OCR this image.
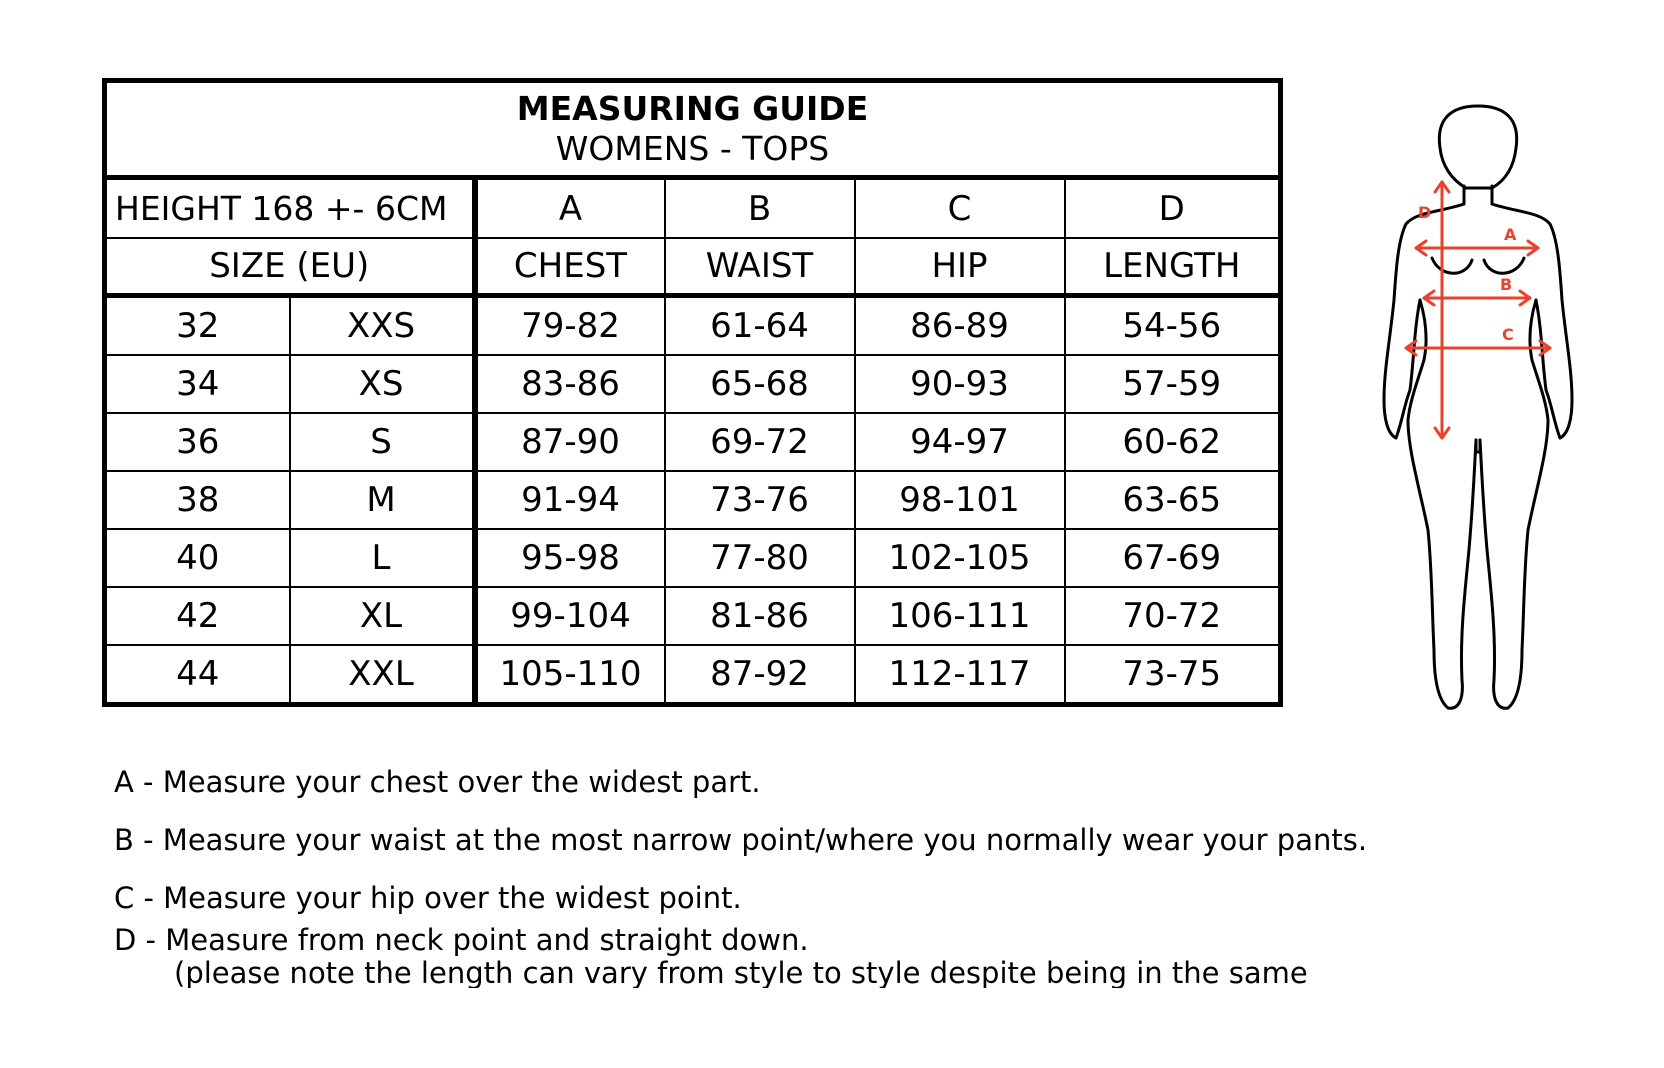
MEASURING GUIDE
WOMENS - TOPS					

HEIGHT 168 +- 6CM		A	B	C	D
SIZE (EU)		CHEST	WAIST	HIP	LENGTH
32	XXS	79-82	61-64	86-89	54-56
34	XS	83-86	65-68	90-93	57-59
36	S	87-90	69-72	94-97	60-62
38	M	91-94	73-76	98-101	63-65
40	L	95-98	77-80	102-105	67-69
42	XL	99-104	81-86	106-111	70-72
44	XXL	105-110	87-92	112-117	73-75
D
A
B
C

A - Measure your chest over the widest part.

B - Measure your waist at the most narrow point/where you normally wear your pants.

C - Measure your hip over the widest point.

D - Measure from neck point and straight down.

(please note the length can vary from style to style despite being in the same
